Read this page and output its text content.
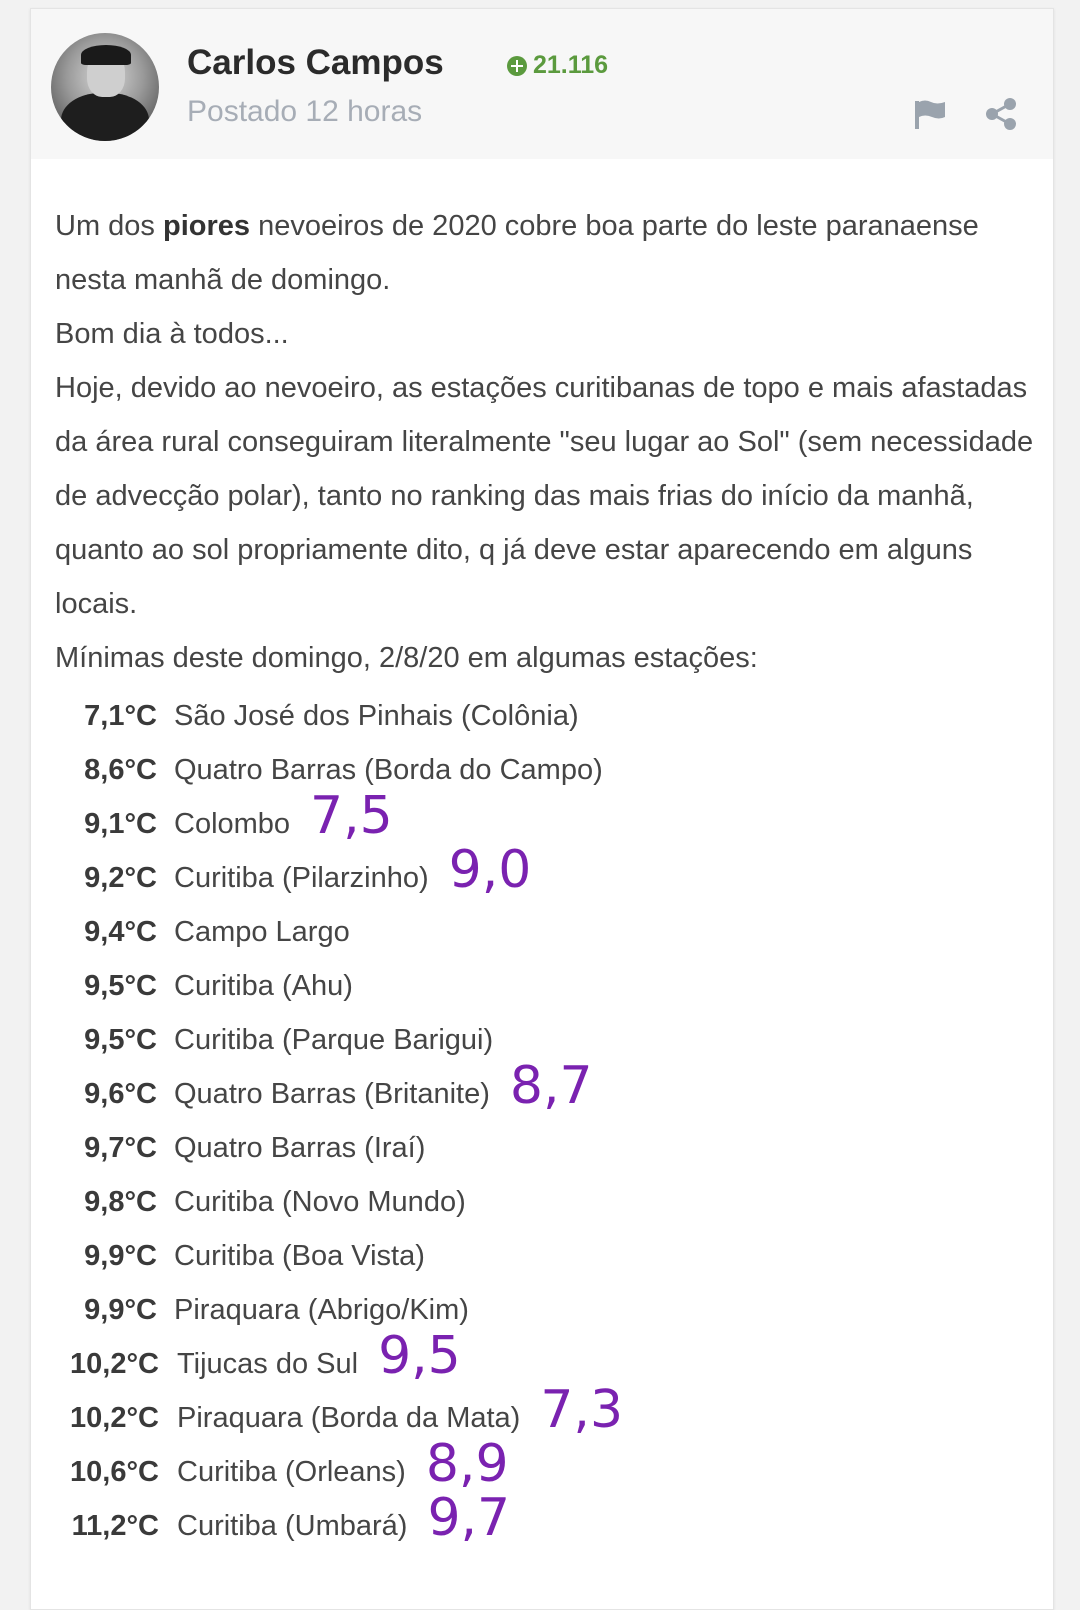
Carlos Campos	21.116
Postado 12 horas

Um dos piores nevoeiros de 2020 cobre boa parte do leste paranaense nesta manhã de domingo.

Bom dia à todos...

Hoje, devido ao nevoeiro, as estações curitibanas de topo e mais afastadas da área rural conseguiram literalmente "seu lugar ao Sol" (sem necessidade de advecção polar), tanto no ranking das mais frias do início da manhã, quanto ao sol propriamente dito, q já deve estar aparecendo em alguns locais.

Mínimas deste domingo, 2/8/20 em algumas estações:

7,1°C São José dos Pinhais (Colônia)
8,6°C Quatro Barras (Borda do Campo)
9,1°C Colombo 7,5
9,2°C Curitiba (Pilarzinho) 9,0
9,4°C Campo Largo
9,5°C Curitiba (Ahu)
9,5°C Curitiba (Parque Barigui)
9,6°C Quatro Barras (Britanite) 8,7
9,7°C Quatro Barras (Iraí)
9,8°C Curitiba (Novo Mundo)
9,9°C Curitiba (Boa Vista)
9,9°C Piraquara (Abrigo/Kim)
10,2°C Tijucas do Sul 9,5
10,2°C Piraquara (Borda da Mata) 7,3
10,6°C Curitiba (Orleans) 8,9
11,2°C Curitiba (Umbará) 9,7
